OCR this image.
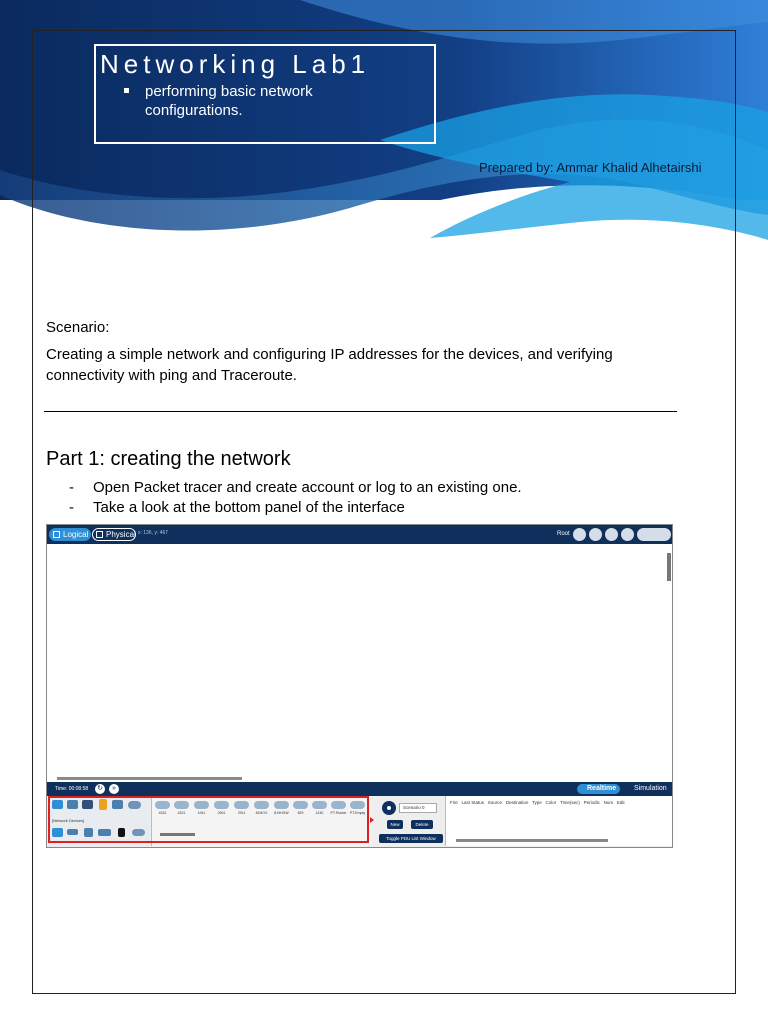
Networking Lab1
performing basic network configurations.
Prepared by: Ammar Khalid Alhetairshi
Scenario:
Creating a simple network and configuring IP addresses for the devices, and verifying connectivity with ping and Traceroute.
Part 1: creating the network
- Open Packet tracer and create account or log to an existing one.
- Take a look at the bottom panel of the interface
Logical	Physical x: 136, y: 467	Root
Time: 00:08:58 ↻	»	Realtime	Simulation
[Network Devices]
4331	4321	1941	2901	2911	819IOX	819HGW	829	1240	PT-Router PT-Empty
Scenario 0
New	Delete
Toggle PDU List Window
Fire Last Status Source Destination Type Color Time(sec) Periodic Num Edit
